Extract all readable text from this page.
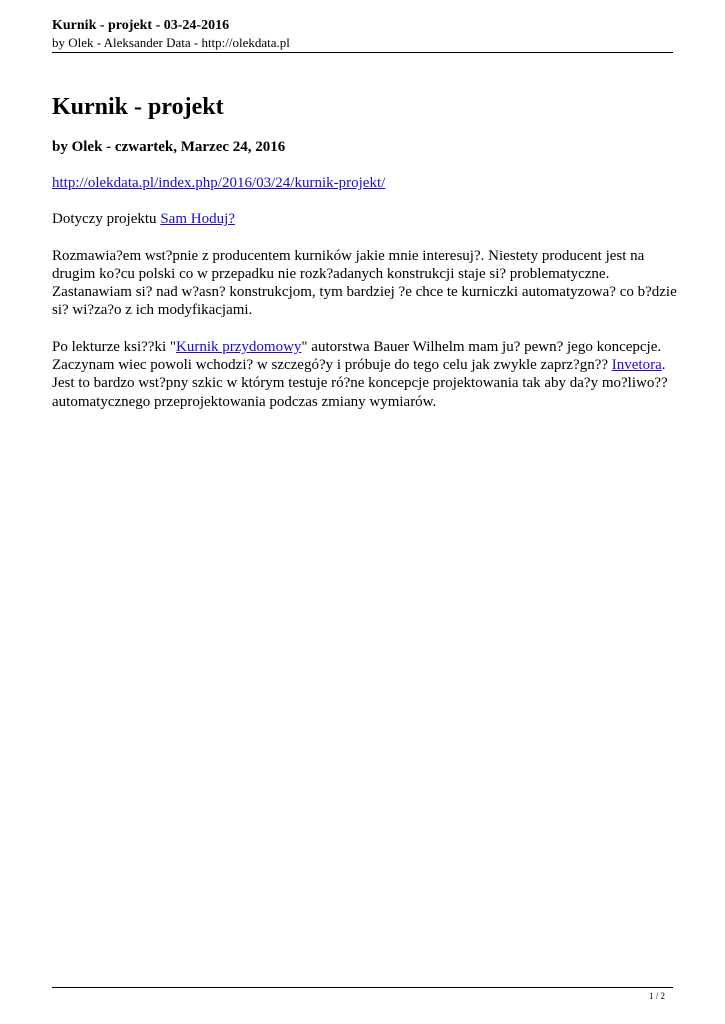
Kurnik - projekt - 03-24-2016
by Olek - Aleksander Data - http://olekdata.pl
Kurnik - projekt
by Olek - czwartek, Marzec 24, 2016

http://olekdata.pl/index.php/2016/03/24/kurnik-projekt/

Dotyczy projektu Sam Hoduj?

Rozmawia?em wst?pnie z producentem kurników jakie mnie interesuj?. Niestety producent jest na drugim ko?cu polski co w przepadku nie rozk?adanych konstrukcji staje si? problematyczne. Zastanawiam si? nad w?asn? konstrukcjom, tym bardziej ?e chce te kurniczki automatyzowa? co b?dzie si? wi?za?o z ich modyfikacjami.

Po lekturze ksi??ki "Kurnik przydomowy" autorstwa Bauer Wilhelm mam ju? pewn? jego koncepcje. Zaczynam wiec powoli wchodzi? w szczegó?y i próbuje do tego celu jak zwykle zaprz?gn?? Invetora. Jest to bardzo wst?pny szkic w którym testuje ró?ne koncepcje projektowania tak aby da?y mo?liwo?? automatycznego przeprojektowania podczas zmiany wymiarów.

1 / 2
